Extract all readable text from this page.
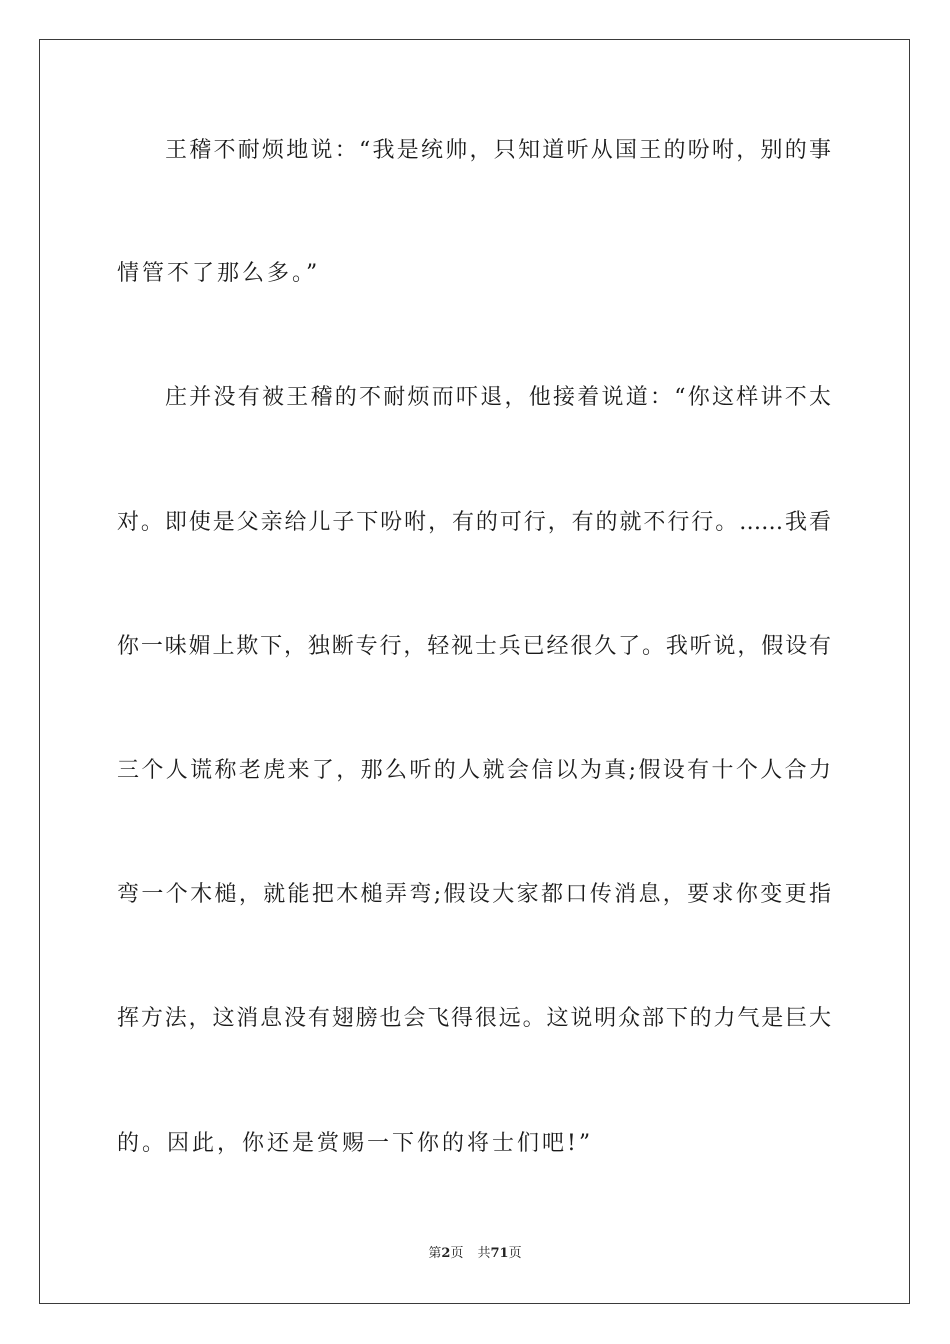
王稽不耐烦地说：“我是统帅，只知道听从国王的吩咐，别的事
情管不了那么多。”
庄并没有被王稽的不耐烦而吓退，他接着说道：“你这样讲不太
对。即使是父亲给儿子下吩咐，有的可行，有的就不行行。……我看
你一味媚上欺下，独断专行，轻视士兵已经很久了。我听说，假设有
三个人谎称老虎来了，那么听的人就会信以为真;假设有十个人合力
弯一个木槌，就能把木槌弄弯;假设大家都口传消息，要求你变更指
挥方法，这消息没有翅膀也会飞得很远。这说明众部下的力气是巨大
的。因此，你还是赏赐一下你的将士们吧!”
第2页 共71页
